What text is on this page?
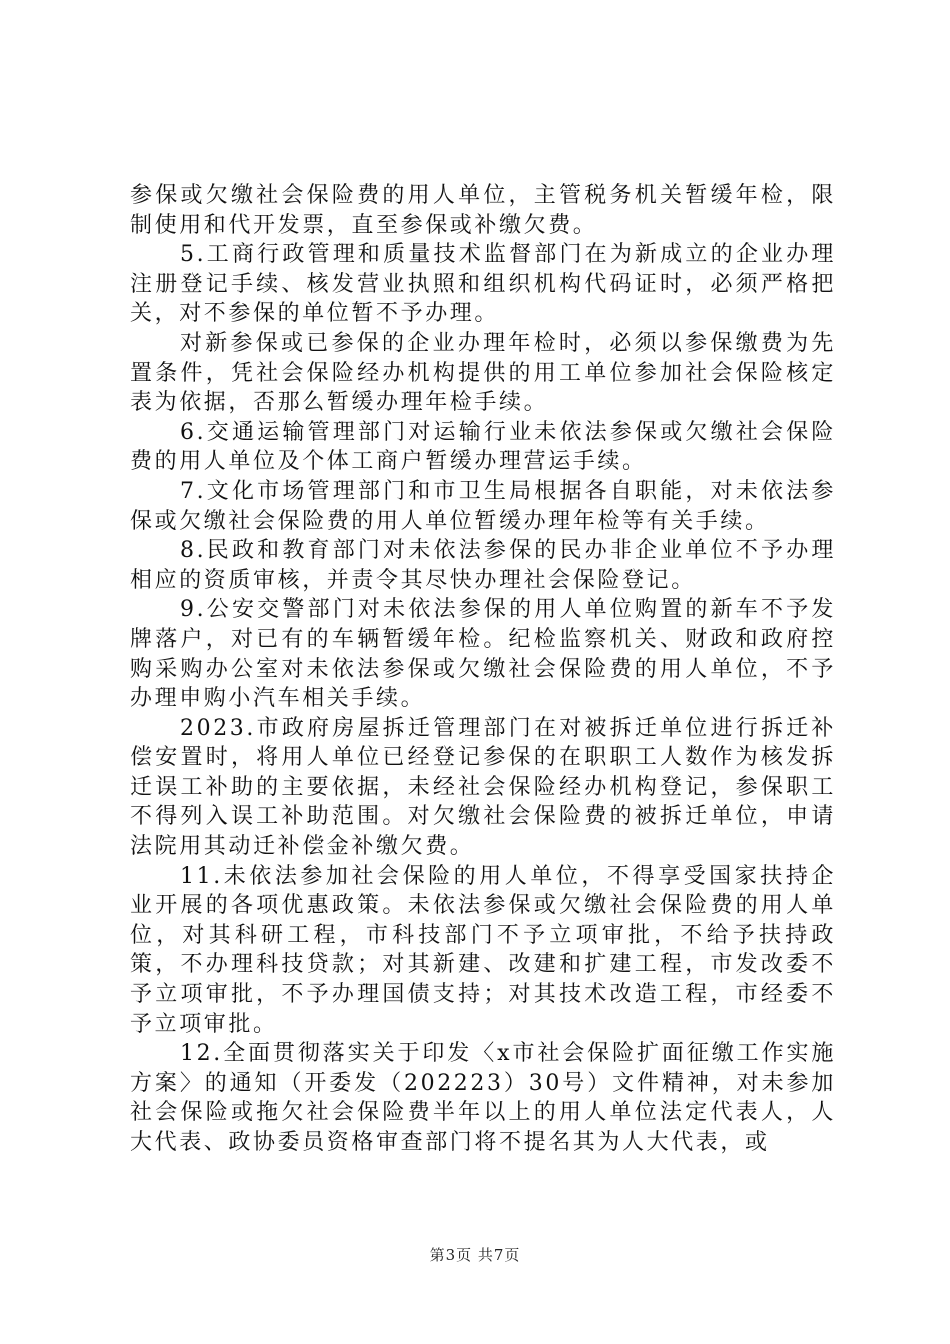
参保或欠缴社会保险费的用人单位，主管税务机关暂缓年检，限制使用和代开发票，直至参保或补缴欠费。

5.工商行政管理和质量技术监督部门在为新成立的企业办理注册登记手续、核发营业执照和组织机构代码证时，必须严格把关，对不参保的单位暂不予办理。

对新参保或已参保的企业办理年检时，必须以参保缴费为先置条件，凭社会保险经办机构提供的用工单位参加社会保险核定表为依据，否那么暂缓办理年检手续。

6.交通运输管理部门对运输行业未依法参保或欠缴社会保险费的用人单位及个体工商户暂缓办理营运手续。

7.文化市场管理部门和市卫生局根据各自职能，对未依法参保或欠缴社会保险费的用人单位暂缓办理年检等有关手续。

8.民政和教育部门对未依法参保的民办非企业单位不予办理相应的资质审核，并责令其尽快办理社会保险登记。

9.公安交警部门对未依法参保的用人单位购置的新车不予发牌落户，对已有的车辆暂缓年检。纪检监察机关、财政和政府控购采购办公室对未依法参保或欠缴社会保险费的用人单位，不予办理申购小汽车相关手续。

2023.市政府房屋拆迁管理部门在对被拆迁单位进行拆迁补偿安置时，将用人单位已经登记参保的在职职工人数作为核发拆迁误工补助的主要依据，未经社会保险经办机构登记，参保职工不得列入误工补助范围。对欠缴社会保险费的被拆迁单位，申请法院用其动迁补偿金补缴欠费。

11.未依法参加社会保险的用人单位，不得享受国家扶持企业开展的各项优惠政策。未依法参保或欠缴社会保险费的用人单位，对其科研工程，市科技部门不予立项审批，不给予扶持政策，不办理科技贷款；对其新建、改建和扩建工程，市发改委不予立项审批，不予办理国债支持；对其技术改造工程，市经委不予立项审批。

12.全面贯彻落实关于印发〈x市社会保险扩面征缴工作实施方案〉的通知（开委发（202223）30号）文件精神，对未参加社会保险或拖欠社会保险费半年以上的用人单位法定代表人，人大代表、政协委员资格审查部门将不提名其为人大代表，或

第3页 共7页
